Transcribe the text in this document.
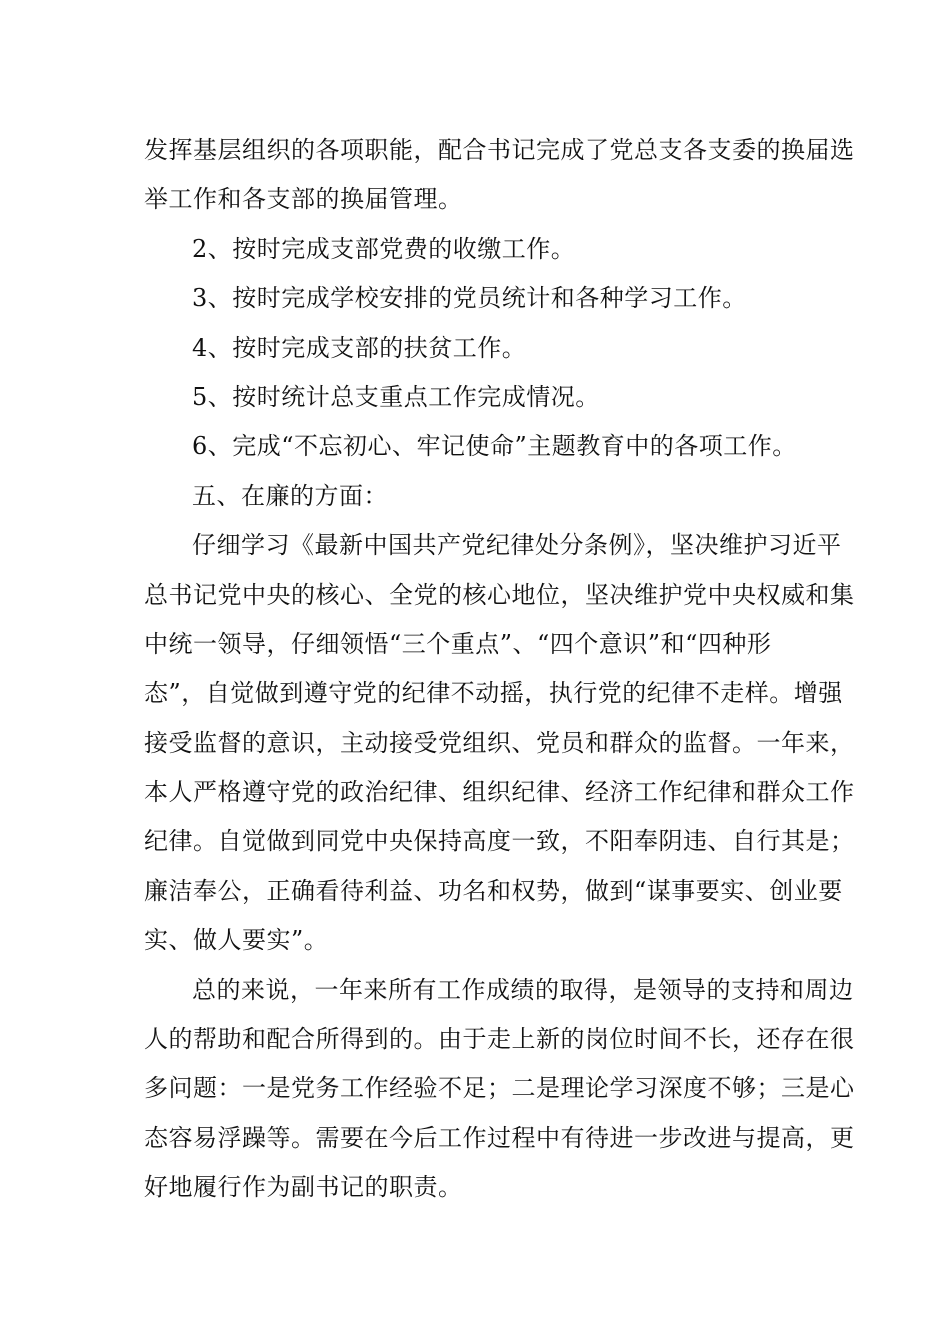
发挥基层组织的各项职能，配合书记完成了党总支各支委的换届选
举工作和各支部的换届管理。
2、按时完成支部党费的收缴工作。
3、按时完成学校安排的党员统计和各种学习工作。
4、按时完成支部的扶贫工作。
5、按时统计总支重点工作完成情况。
6、完成“不忘初心、牢记使命”主题教育中的各项工作。
五、在廉的方面：
仔细学习《最新中国共产党纪律处分条例》，坚决维护习近平
总书记党中央的核心、全党的核心地位，坚决维护党中央权威和集
中统一领导，仔细领悟“三个重点”、“四个意识”和“四种形
态”，自觉做到遵守党的纪律不动摇，执行党的纪律不走样。增强
接受监督的意识，主动接受党组织、党员和群众的监督。一年来，
本人严格遵守党的政治纪律、组织纪律、经济工作纪律和群众工作
纪律。自觉做到同党中央保持高度一致，不阳奉阴违、自行其是；
廉洁奉公，正确看待利益、功名和权势，做到“谋事要实、创业要
实、做人要实”。
总的来说，一年来所有工作成绩的取得，是领导的支持和周边
人的帮助和配合所得到的。由于走上新的岗位时间不长，还存在很
多问题：一是党务工作经验不足；二是理论学习深度不够；三是心
态容易浮躁等。需要在今后工作过程中有待进一步改进与提高，更
好地履行作为副书记的职责。
